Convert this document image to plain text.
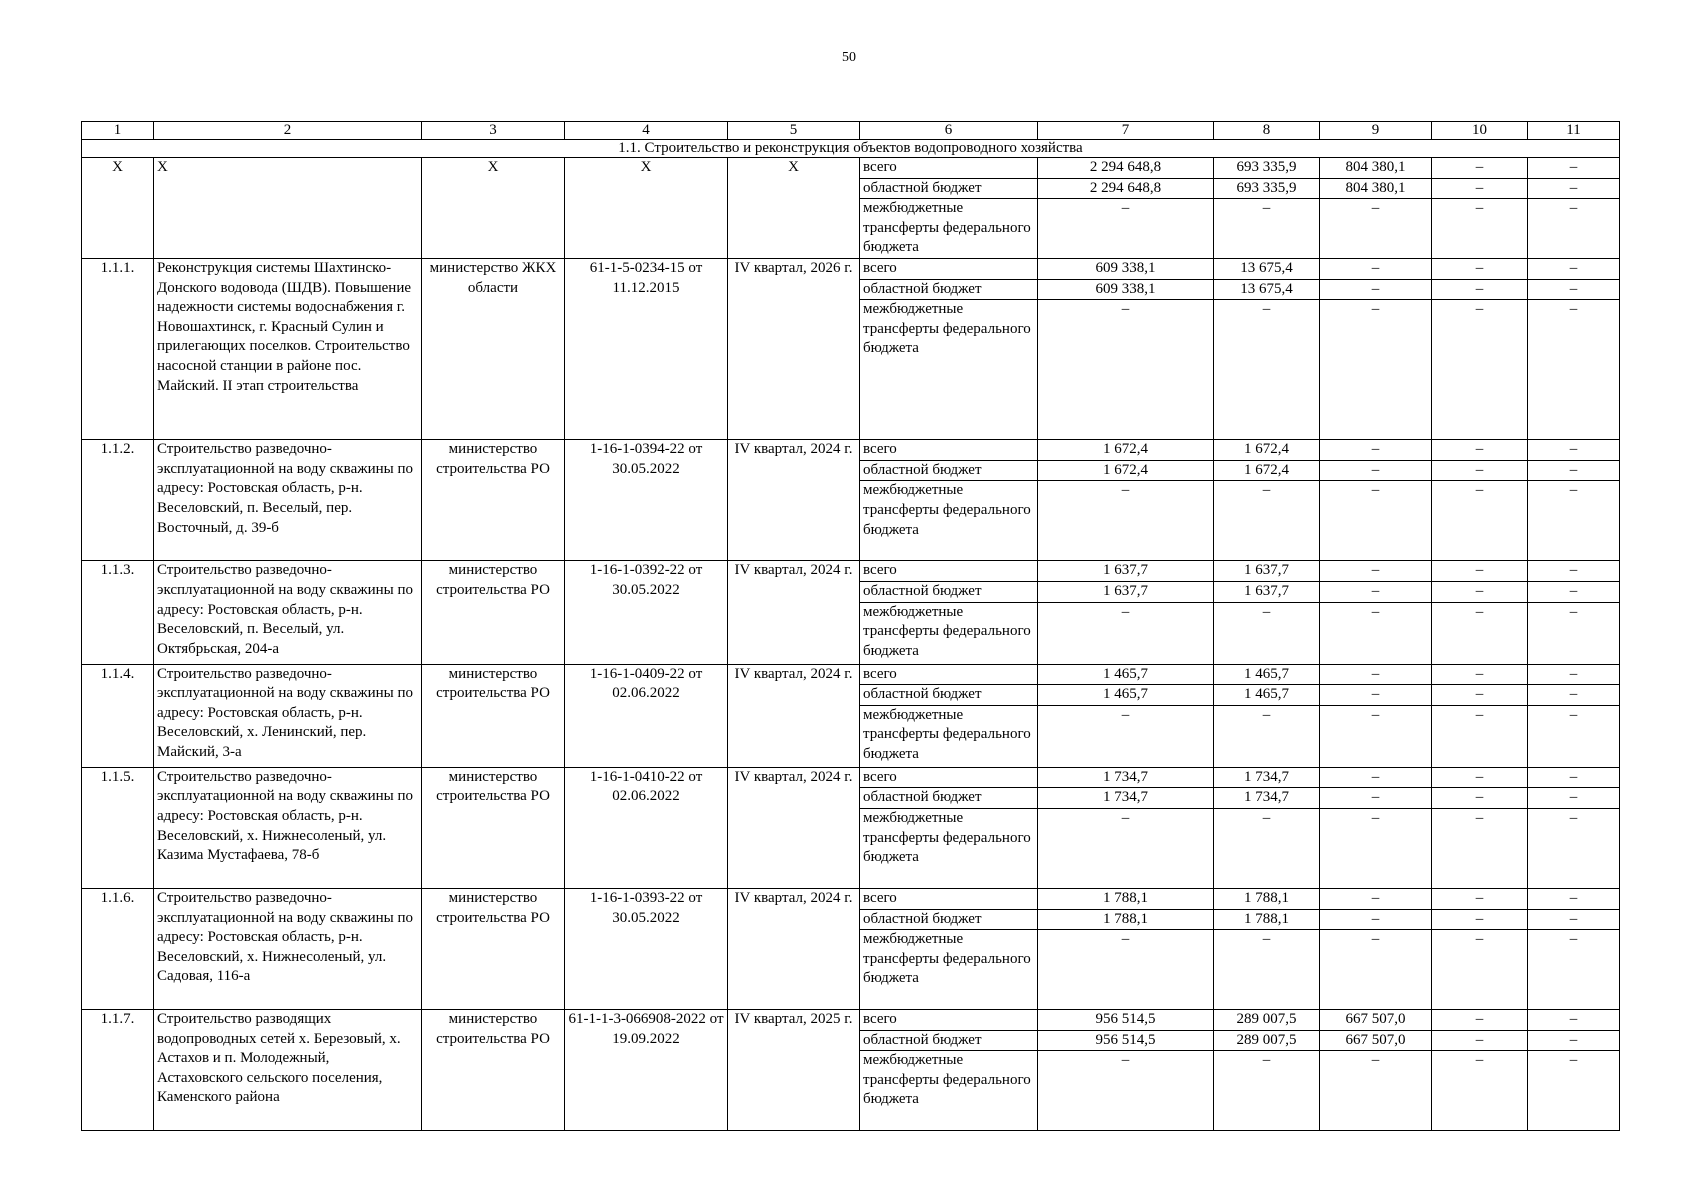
50
1	2	3	4	5	6	7	8	9	10	11
1.1. Строительство и реконструкция объектов водопроводного хозяйства										
X	X	X	X	X	всего	2 294 648,8	693 335,9	804 380,1	–	–
					областной бюджет	2 294 648,8	693 335,9	804 380,1	–	–
					межбюджетные трансферты федерального бюджета	–	–	–	–	–
1.1.1.	Реконструкция системы Шахтинско-Донского водовода (ШДВ). Повышение надежности системы водоснабжения г. Новошахтинск, г. Красный Сулин и прилегающих поселков. Строительство насосной станции в районе пос. Майский. II этап строительства	министерство ЖКХ области	61-1-5-0234-15 от 11.12.2015	IV квартал, 2026 г.	всего	609 338,1	13 675,4	–	–	–
					областной бюджет	609 338,1	13 675,4	–	–	–
					межбюджетные трансферты федерального бюджета	–	–	–	–	–
1.1.2.	Строительство разведочно-эксплуатационной на воду скважины по адресу: Ростовская область, р-н. Веселовский, п. Веселый, пер. Восточный, д. 39-б	министерство строительства РО	1-16-1-0394-22 от 30.05.2022	IV квартал, 2024 г.	всего	1 672,4	1 672,4	–	–	–
					областной бюджет	1 672,4	1 672,4	–	–	–
					межбюджетные трансферты федерального бюджета	–	–	–	–	–
1.1.3.	Строительство разведочно-эксплуатационной на воду скважины по адресу: Ростовская область, р-н. Веселовский, п. Веселый, ул. Октябрьская, 204-а	министерство строительства РО	1-16-1-0392-22 от 30.05.2022	IV квартал, 2024 г.	всего	1 637,7	1 637,7	–	–	–
					областной бюджет	1 637,7	1 637,7	–	–	–
					межбюджетные трансферты федерального бюджета	–	–	–	–	–
1.1.4.	Строительство разведочно-эксплуатационной на воду скважины по адресу: Ростовская область, р-н. Веселовский, х. Ленинский, пер. Майский, 3-а	министерство строительства РО	1-16-1-0409-22 от 02.06.2022	IV квартал, 2024 г.	всего	1 465,7	1 465,7	–	–	–
					областной бюджет	1 465,7	1 465,7	–	–	–
					межбюджетные трансферты федерального бюджета	–	–	–	–	–
1.1.5.	Строительство разведочно-эксплуатационной на воду скважины по адресу: Ростовская область, р-н. Веселовский, х. Нижнесоленый, ул. Казима Мустафаева, 78-б	министерство строительства РО	1-16-1-0410-22 от 02.06.2022	IV квартал, 2024 г.	всего	1 734,7	1 734,7	–	–	–
					областной бюджет	1 734,7	1 734,7	–	–	–
					межбюджетные трансферты федерального бюджета	–	–	–	–	–
1.1.6.	Строительство разведочно-эксплуатационной на воду скважины по адресу: Ростовская область, р-н. Веселовский, х. Нижнесоленый, ул. Садовая, 116-а	министерство строительства РО	1-16-1-0393-22 от 30.05.2022	IV квартал, 2024 г.	всего	1 788,1	1 788,1	–	–	–
					областной бюджет	1 788,1	1 788,1	–	–	–
					межбюджетные трансферты федерального бюджета	–	–	–	–	–
1.1.7.	Строительство разводящих водопроводных сетей х. Березовый, х. Астахов и п. Молодежный, Астаховского сельского поселения, Каменского района	министерство строительства РО	61-1-1-3-066908-2022 от 19.09.2022	IV квартал, 2025 г.	всего	956 514,5	289 007,5	667 507,0	–	–
					областной бюджет	956 514,5	289 007,5	667 507,0	–	–
					межбюджетные трансферты федерального бюджета	–	–	–	–	–
